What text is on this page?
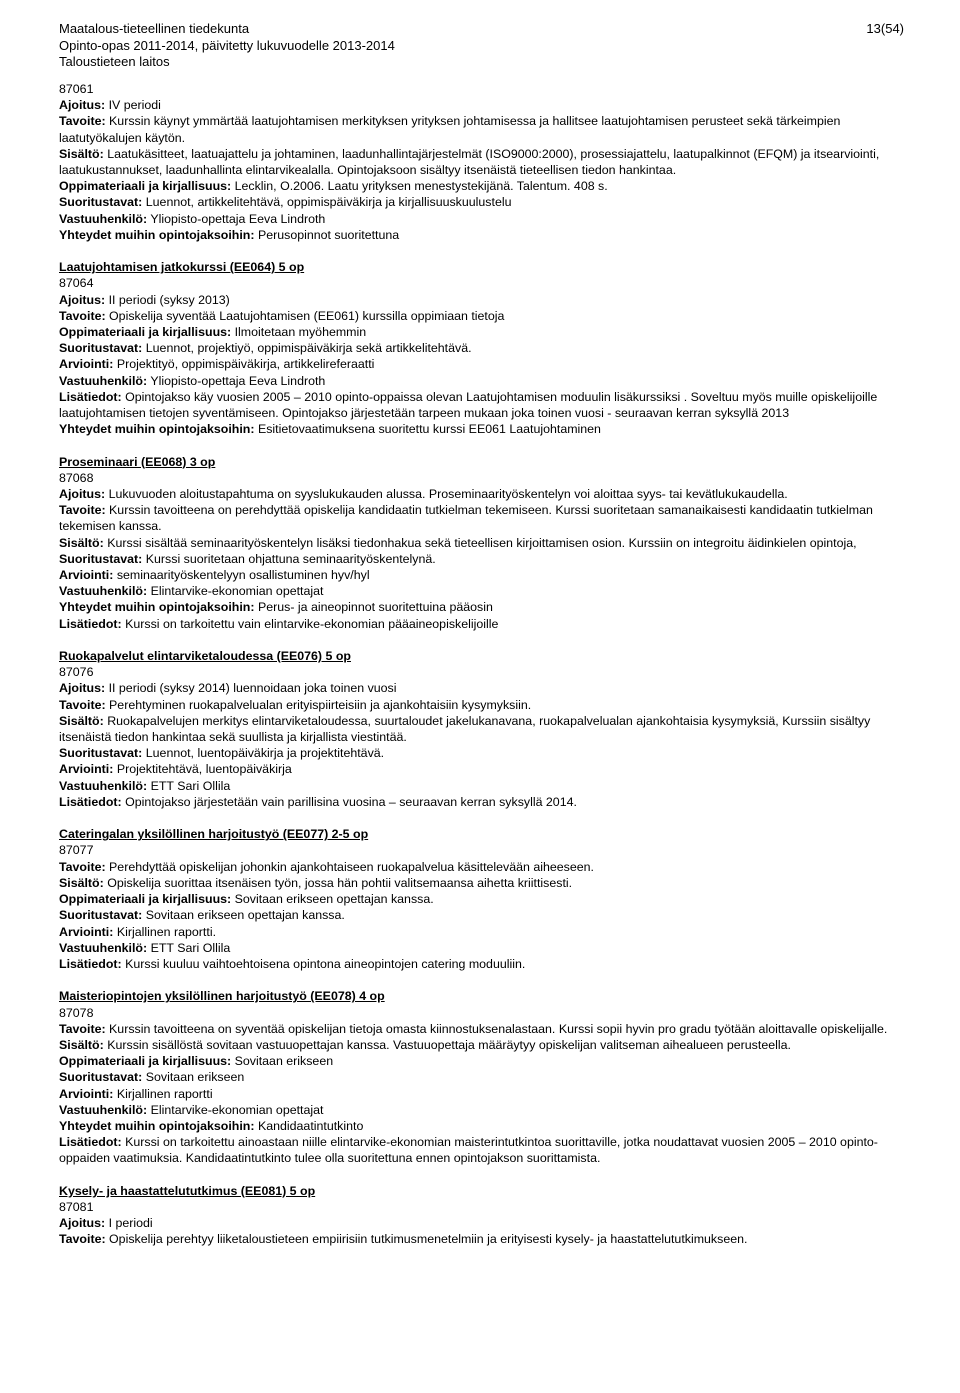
Maatalous-tieteellinen tiedekunta
Opinto-opas 2011-2014, päivitetty lukuvuodelle 2013-2014
Taloustieteen laitos
13(54)

87061

Ajoitus: IV periodi

Tavoite: Kurssin käynyt ymmärtää laatujohtamisen merkityksen yrityksen johtamisessa ja hallitsee laatujohtamisen perusteet sekä tärkeimpien laatutyökalujen käytön.

Sisältö: Laatukäsitteet, laatuajattelu ja johtaminen, laadunhallintajärjestelmät (ISO9000:2000), prosessiajattelu, laatupalkinnot (EFQM) ja itsearviointi, laatukustannukset, laadunhallinta elintarvikealalla. Opintojaksoon sisältyy itsenäistä tieteellisen tiedon hankintaa.

Oppimateriaali ja kirjallisuus: Lecklin, O.2006. Laatu yrityksen menestystekijänä. Talentum. 408 s.

Suoritustavat: Luennot, artikkelitehtävä, oppimispäiväkirja ja kirjallisuuskuulustelu

Vastuuhenkilö: Yliopisto-opettaja Eeva Lindroth

Yhteydet muihin opintojaksoihin: Perusopinnot suoritettuna

Laatujohtamisen jatkokurssi (EE064) 5 op

87064

Ajoitus: II periodi (syksy 2013)

Tavoite: Opiskelija syventää Laatujohtamisen (EE061) kurssilla oppimiaan tietoja

Oppimateriaali ja kirjallisuus: Ilmoitetaan myöhemmin

Suoritustavat: Luennot, projektiyö, oppimispäiväkirja sekä artikkelitehtävä.

Arviointi: Projektityö, oppimispäiväkirja, artikkelireferaatti

Vastuuhenkilö: Yliopisto-opettaja Eeva Lindroth

Lisätiedot: Opintojakso käy vuosien 2005 – 2010 opinto-oppaissa olevan Laatujohtamisen moduulin lisäkurssiksi . Soveltuu myös muille opiskelijoille laatujohtamisen tietojen syventämiseen. Opintojakso järjestetään tarpeen mukaan joka toinen vuosi - seuraavan kerran syksyllä 2013

Yhteydet muihin opintojaksoihin: Esitietovaatimuksena suoritettu kurssi EE061 Laatujohtaminen

Proseminaari (EE068) 3 op

87068

Ajoitus: Lukuvuoden aloitustapahtuma on syyslukukauden alussa. Proseminaarityöskentelyn voi aloittaa syys- tai kevätlukukaudella.

Tavoite: Kurssin tavoitteena on perehdyttää opiskelija kandidaatin tutkielman tekemiseen. Kurssi suoritetaan samanaikaisesti kandidaatin tutkielman tekemisen kanssa.

Sisältö: Kurssi sisältää seminaarityöskentelyn lisäksi tiedonhakua sekä tieteellisen kirjoittamisen osion. Kurssiin on integroitu äidinkielen opintoja,

Suoritustavat: Kurssi suoritetaan ohjattuna seminaarityöskentelynä.

Arviointi: seminaarityöskentelyyn osallistuminen hyv/hyl

Vastuuhenkilö: Elintarvike-ekonomian opettajat

Yhteydet muihin opintojaksoihin: Perus- ja aineopinnot suoritettuina pääosin

Lisätiedot: Kurssi on tarkoitettu vain elintarvike-ekonomian pääaineopiskelijoille

Ruokapalvelut elintarviketaloudessa (EE076) 5 op

87076

Ajoitus: II periodi (syksy 2014) luennoidaan joka toinen vuosi

Tavoite: Perehtyminen ruokapalvelualan erityispiirteisiin ja ajankohtaisiin kysymyksiin.

Sisältö: Ruokapalvelujen merkitys elintarviketaloudessa, suurtaloudet jakelukanavana, ruokapalvelualan ajankohtaisia kysymyksiä, Kurssiin sisältyy itsenäistä tiedon hankintaa sekä suullista ja kirjallista viestintää.

Suoritustavat: Luennot, luentopäiväkirja ja projektitehtävä.

Arviointi: Projektitehtävä, luentopäiväkirja

Vastuuhenkilö: ETT Sari Ollila

Lisätiedot: Opintojakso järjestetään vain parillisina vuosina – seuraavan kerran syksyllä 2014.

Cateringalan yksilöllinen harjoitustyö (EE077) 2-5 op

87077

Tavoite: Perehdyttää opiskelijan johonkin ajankohtaiseen ruokapalvelua käsittelevään aiheeseen.

Sisältö: Opiskelija suorittaa itsenäisen työn, jossa hän pohtii valitsemaansa aihetta kriittisesti.

Oppimateriaali ja kirjallisuus: Sovitaan erikseen opettajan kanssa.

Suoritustavat: Sovitaan erikseen opettajan kanssa.

Arviointi: Kirjallinen raportti.

Vastuuhenkilö: ETT Sari Ollila

Lisätiedot: Kurssi kuuluu vaihtoehtoisena opintona aineopintojen catering moduuliin.

Maisteriopintojen yksilöllinen harjoitustyö (EE078) 4 op

87078

Tavoite: Kurssin tavoitteena on syventää opiskelijan tietoja omasta kiinnostuksenalastaan. Kurssi sopii hyvin pro gradu työtään aloittavalle opiskelijalle.

Sisältö: Kurssin sisällöstä sovitaan vastuuopettajan kanssa. Vastuuopettaja määräytyy opiskelijan valitseman aihealueen perusteella.

Oppimateriaali ja kirjallisuus: Sovitaan erikseen

Suoritustavat: Sovitaan erikseen

Arviointi: Kirjallinen raportti

Vastuuhenkilö: Elintarvike-ekonomian opettajat

Yhteydet muihin opintojaksoihin: Kandidaatintutkinto

Lisätiedot: Kurssi on tarkoitettu ainoastaan niille elintarvike-ekonomian maisterintutkintoa suorittaville, jotka noudattavat vuosien 2005 – 2010 opinto-oppaiden vaatimuksia. Kandidaatintutkinto tulee olla suoritettuna ennen opintojakson suorittamista.

Kysely- ja haastattelututkimus (EE081) 5 op

87081

Ajoitus: I periodi

Tavoite: Opiskelija perehtyy liiketaloustieteen empiirisiin tutkimusmenetelmiin ja erityisesti kysely- ja haastattelututkimukseen.
